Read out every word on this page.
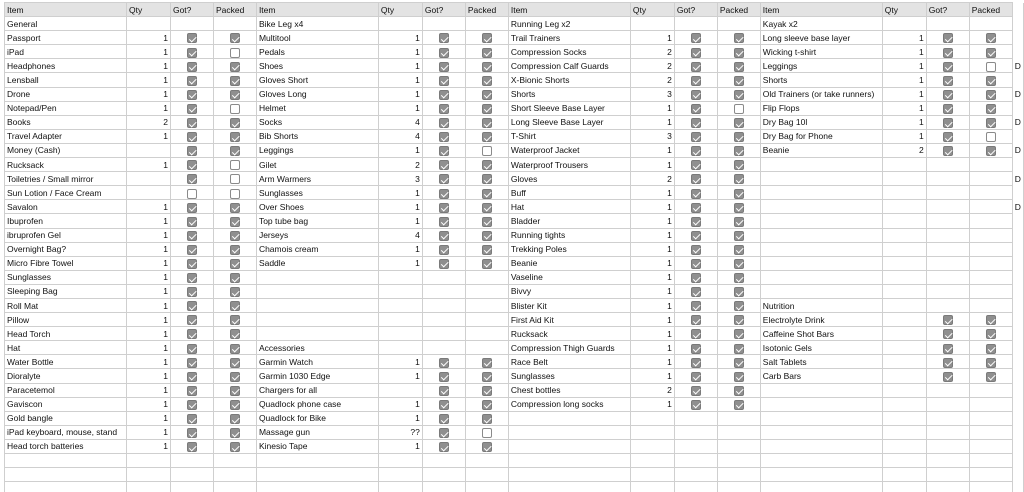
Item	Qty	Got?	Packed	Item	Qty	Got?	Packed	Item	Qty	Got?	Packed	Item	Qty	Got?	Packed	
General				Bike Leg x4				Running Leg x2				Kayak x2				
Passport	1			Multitool	1			Trail Trainers	1			Long sleeve base layer	1			
iPad	1			Pedals	1			Compression Socks	2			Wicking t-shirt	1			
Headphones	1			Shoes	1			Compression Calf Guards	2			Leggings	1			D
Lensball	1			Gloves Short	1			X-Bionic Shorts	2			Shorts	1			
Drone	1			Gloves Long	1			Shorts	3			Old Trainers (or take runners)	1			D
Notepad/Pen	1			Helmet	1			Short Sleeve Base Layer	1			Flip Flops	1			
Books	2			Socks	4			Long Sleeve Base Layer	1			Dry Bag 10l	1			D
Travel Adapter	1			Bib Shorts	4			T-Shirt	3			Dry Bag for Phone	1			
Money (Cash)				Leggings	1			Waterproof Jacket	1			Beanie	2			D
Rucksack	1			Gilet	2			Waterproof Trousers	1							
Toiletries / Small mirror				Arm Warmers	3			Gloves	2							D
Sun Lotion / Face Cream				Sunglasses	1			Buff	1							
Savalon	1			Over Shoes	1			Hat	1							D
Ibuprofen	1			Top tube bag	1			Bladder	1							
ibruprofen Gel	1			Jerseys	4			Running tights	1							
Overnight Bag?	1			Chamois cream	1			Trekking Poles	1							
Micro Fibre Towel	1			Saddle	1			Beanie	1							
Sunglasses	1							Vaseline	1							
Sleeping Bag	1							Bivvy	1							
Roll Mat	1							Blister Kit	1			Nutrition				
Pillow	1							First Aid Kit	1			Electrolyte Drink				
Head Torch	1							Rucksack	1			Caffeine Shot Bars				
Hat	1			Accessories				Compression Thigh Guards	1			Isotonic Gels				
Water Bottle	1			Garmin Watch	1			Race Belt	1			Salt Tablets				
Dioralyte	1			Garmin 1030 Edge	1			Sunglasses	1			Carb Bars				
Paracetemol	1			Chargers for all				Chest bottles	2							
Gaviscon	1			Quadlock phone case	1			Compression long socks	1							
Gold bangle	1			Quadlock for Bike	1											
iPad keyboard, mouse, stand	1			Massage gun	??											
Head torch batteries	1			Kinesio Tape	1											
